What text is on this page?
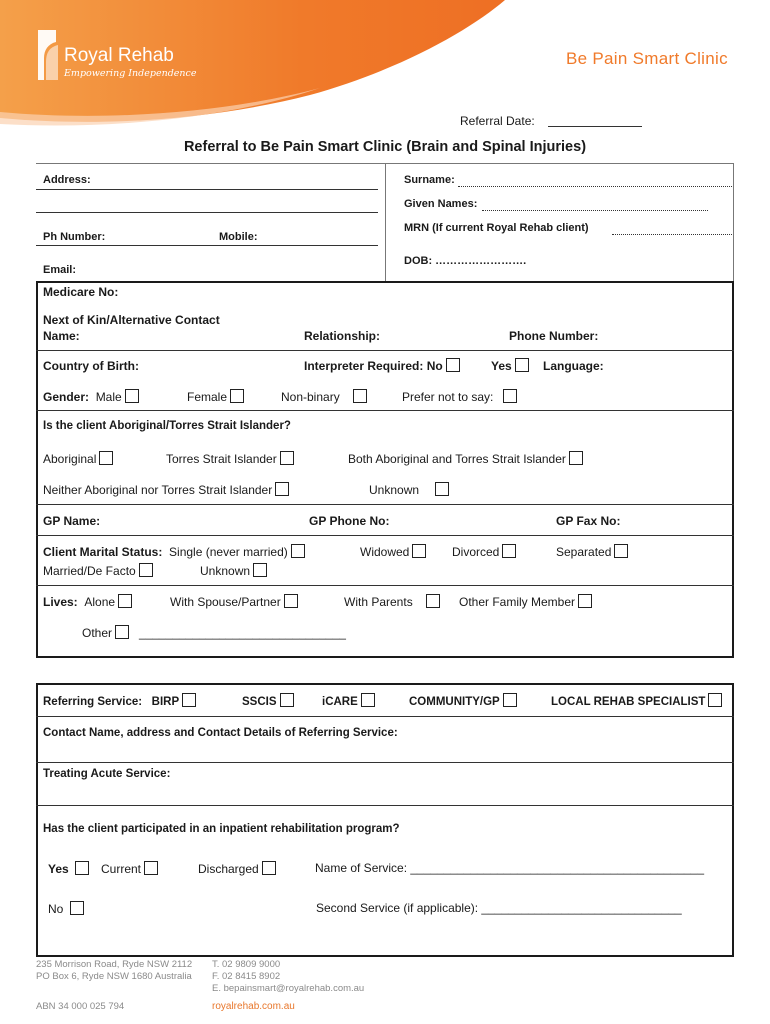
Royal Rehab
Empowering Independence
Be Pain Smart Clinic
Referral Date:
Referral to Be Pain Smart Clinic (Brain and Spinal Injuries)
Address:
Ph Number:	Mobile:
Email:
Surname:
Given Names:
MRN (If current Royal Rehab client)
DOB: …………………….
Medicare No:
Next of Kin/Alternative Contact
Name:	Relationship:	Phone Number:
Country of Birth:	Interpreter Required: No	Yes	Language:
Gender: Male	Female	Non-binary	Prefer not to say:
Is the client Aboriginal/Torres Strait Islander?
Aboriginal	Torres Strait Islander	Both Aboriginal and Torres Strait Islander
Neither Aboriginal nor Torres Strait Islander	Unknown
GP Name:	GP Phone No:	GP Fax No:
Client Marital Status: Single (never married)	Widowed	Divorced	Separated
Married/De Facto	Unknown
Lives: Alone	With Spouse/Partner	With Parents	Other Family Member
Other _______________________________
Referring Service: BIRP	SSCIS	iCARE	COMMUNITY/GP	LOCAL REHAB SPECIALIST
Contact Name, address and Contact Details of Referring Service:
Treating Acute Service:
Has the client participated in an inpatient rehabilitation program?
Yes	Current	Discharged	Name of Service: ____________________________________________
No	Second Service (if applicable): ______________________________
235 Morrison Road, Ryde NSW 2112
PO Box 6, Ryde NSW 1680 Australia
ABN 34 000 025 794
T. 02 9809 9000
F. 02 8415 8902
E. bepainsmart@royalrehab.com.au
royalrehab.com.au
